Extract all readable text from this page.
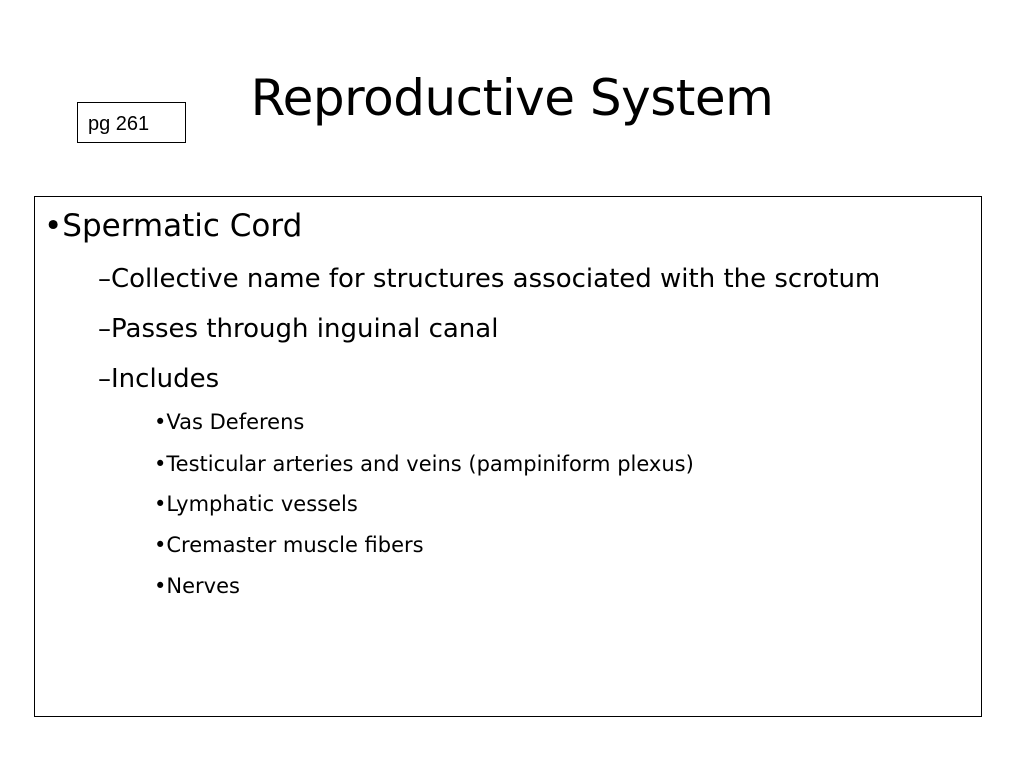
Reproductive System
pg 261
•Spermatic Cord
–Collective name for structures associated with the scrotum
–Passes through inguinal canal
–Includes
•Vas Deferens
•Testicular arteries and veins (pampiniform plexus)
•Lymphatic vessels
•Cremaster muscle fibers
•Nerves
